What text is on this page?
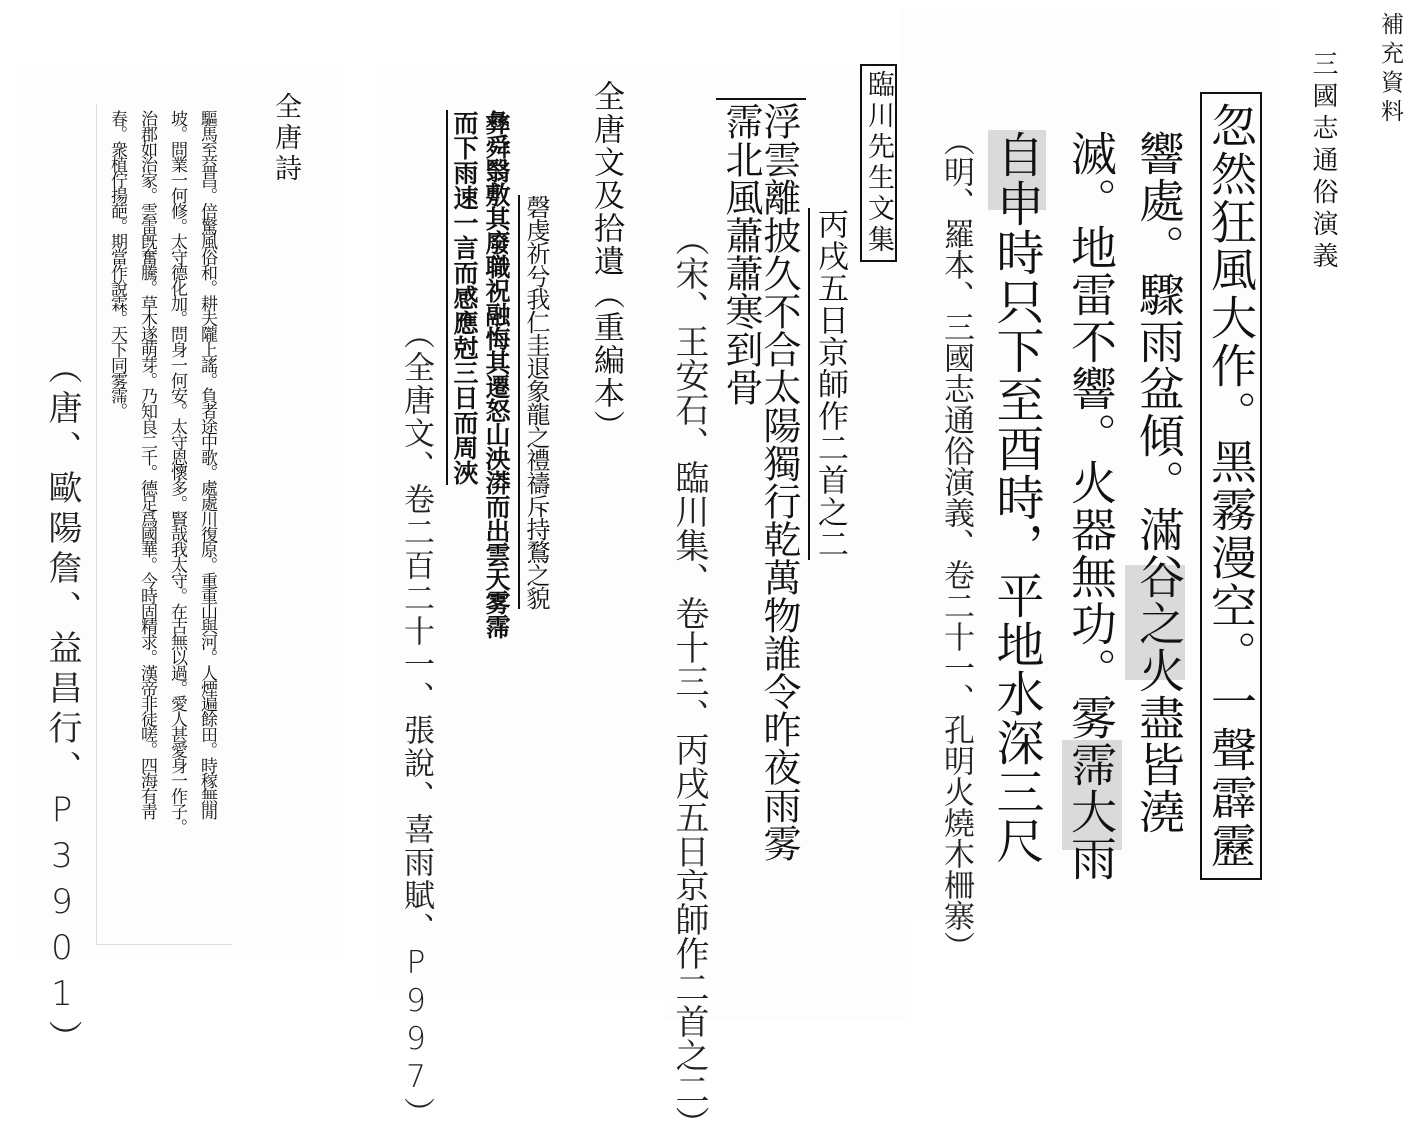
補充資料
三國志通俗演義
忽然狂風大作。黑霧漫空。一聲霹靂
響處。驟雨盆傾。滿谷之火盡皆澆
滅。地雷不響。火器無功。雾霈大雨
自申時只下至酉時，平地水深三尺
（明、羅本、三國志通俗演義、卷二十一、孔明火燒木柵寨）
臨川先生文集
丙戌五日京師作二首之二
浮雲離披久不合太陽獨行乾萬物誰令昨夜雨雾
霈北風蕭蕭寒到骨
（宋、王安石、臨川集、卷十三、丙戌五日京師作二首之二）
全唐文及拾遺（重編本）
磬虔祈兮我仁圭退象龍之禮禱斥持鶩之貌
彝舜翳敷其廢職祝融悔其遷怒山泱漭而出雲天雾霈
而下雨速一言而感應尅三日而周浹
（全唐文、卷二百二十一、張說、喜雨賦、P997）
全唐詩
驅馬至益昌。倍驚風俗和。耕夫隴上謠。負者途中歌。處處川復原。重重山與河。人煙遍餘田。時稼無閒
坡。問業一何修。太守德化加。問身一何安。太守恩懷多。賢哉我太守。在古無以過。愛人甚愛身一作子。
治郡如治家。雲雷旣奮騰。草木遂萌芽。乃知良二千。德足爲國華。今時固精求。漢帝非徒嗟。四海有靑
春。衆植佇揚葩。期當作說霖。天下同雾霈。
（唐、歐陽詹、益昌行、P3901）
